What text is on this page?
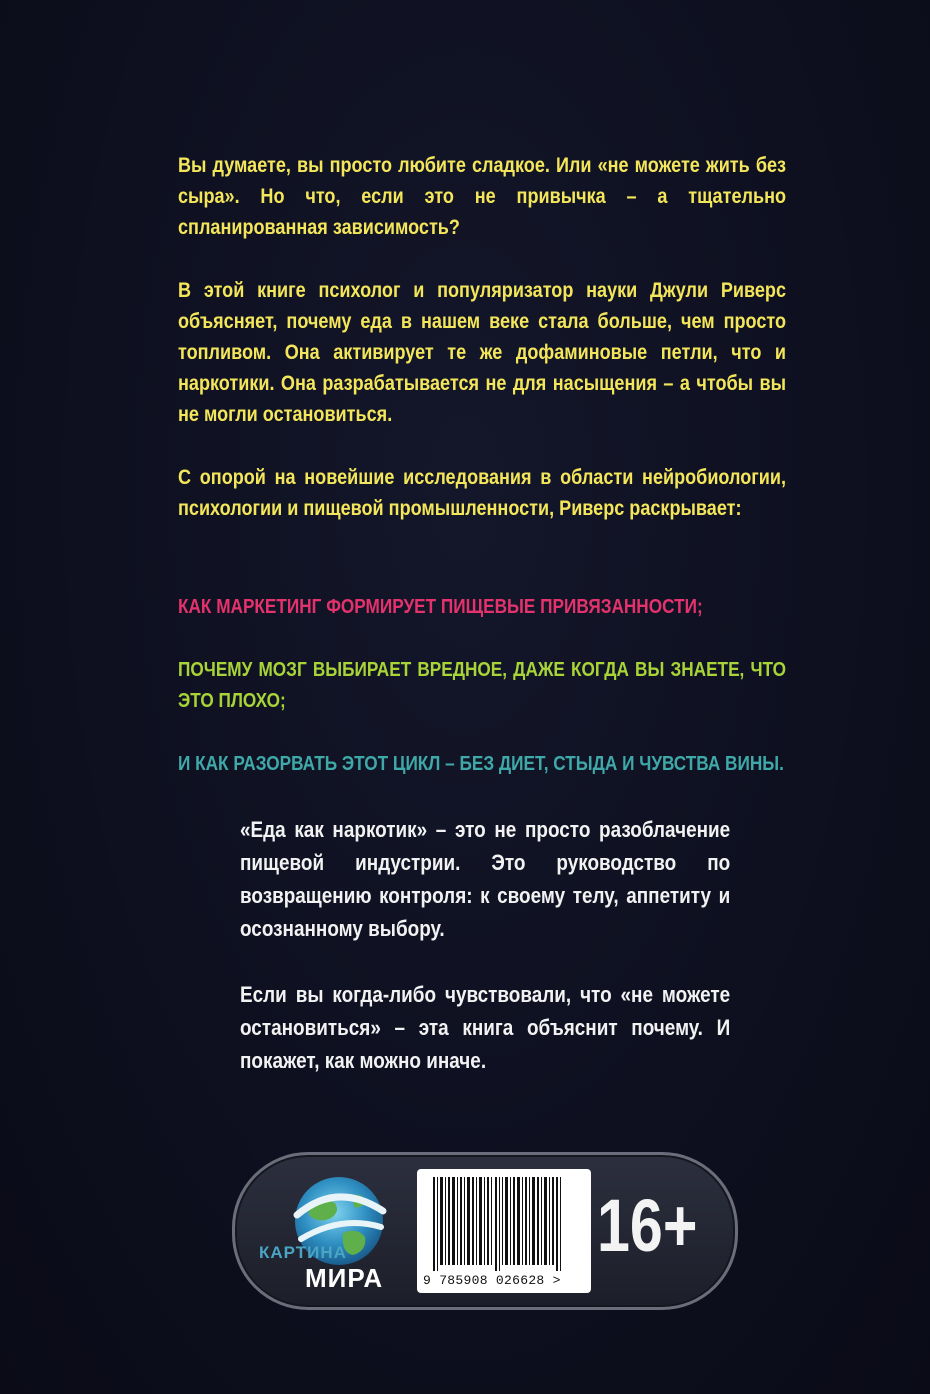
Вы думаете, вы просто любите сладкое. Или «не можете жить без сыра». Но что, если это не привычка – а тщательно спланированная зависимость?

В этой книге психолог и популяризатор науки Джули Риверс объясняет, почему еда в нашем веке стала больше, чем просто топливом. Она активирует те же дофаминовые петли, что и наркотики. Она разрабатывается не для насыщения – а чтобы вы не могли остановиться.

С опорой на новейшие исследования в области нейробиологии, психологии и пищевой промышленности, Риверс раскрывает:

КАК МАРКЕТИНГ ФОРМИРУЕТ ПИЩЕВЫЕ ПРИВЯЗАННОСТИ;

ПОЧЕМУ МОЗГ ВЫБИРАЕТ ВРЕДНОЕ, ДАЖЕ КОГДА ВЫ ЗНАЕТЕ, ЧТО ЭТО ПЛОХО;

И КАК РАЗОРВАТЬ ЭТОТ ЦИКЛ – БЕЗ ДИЕТ, СТЫДА И ЧУВСТВА ВИНЫ.

«Еда как наркотик» – это не просто разоблачение пищевой индустрии. Это руководство по возвращению контроля: к своему телу, аппетиту и осознанному выбору.

Если вы когда-либо чувствовали, что «не можете остановиться» – эта книга объяснит почему. И покажет, как можно иначе.

КАРТИНА
МИРА	9 785908 026628 >
16+
